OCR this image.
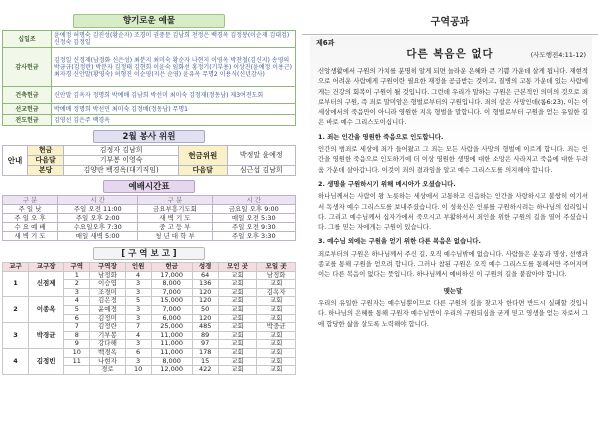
향기로운 예물
십일조	윤예정 허명숙 김진성(황순자) 조경미 권중문 김남희 천정은 백경옥 김정봉(이순재 김대검) 신정숙 김정일
감사헌금	김정일 신정재(남정화 신은성) 최분지 최미숙 황순자 나현지 이영옥 박찬철(김신지) 송영의 박금규(김정란) 박분자 김정태 김현희 이윤숙 임화선 홍정기(기부용) 이상진(윤예정 이용근) 최자경 신안말(황영숙) 허형진 이순영(지은 순영) 윤유옥 무명2 이용식(신년감사)
건축헌금	신안말 김옥자 정명희 박예배 김남희 박선미 최미숙 김정재(정동남) 제3여전도회
선교헌금	박예배 정명희 박선민 최미숙 김정배(정동남) 무명1
전도헌금	김영선 김은주 백경옥
2월 봉사 위원
안내	현금	김정자 김남희	헌금위원	박정말 윤예정
	다음달	기부봉 이영숙		
	본당	김양란 백경옥(대기직임)	다음달	심근섭 김남희
예배시간표
구 분	시 간	구 분	시 간
주 일 낮	주일 오전 11:00	금요부흥기도회	금요일 오후 9:00
주 일 오 후	주일 오후 2:00	새 벽 기 도	매일 오전 5:30
수 요 예 배	수요일오후 7:30	중 고 등 부	주일 오전 9:30
새 벽 기 도	매일 새벽 5:00	청 년 대 학 부	주일 오후 3:30
[ 구 역 보 고 ]
교구	교구장	구역	구역장	인원	헌금	성경	모인 곳	모일 곳
1	신점제	1	남정화	4	17,000	64	교회	남정화
		2	이승엽	3	8,000	136	교회	교회
		3	조경미	3	7,000	120	교회	김옥자
2	이종옥	4	김은정	5	15,000	120	교회	교회
		5	윤예정	3	7,000	50	교회	교회
		6	김정미	3	6,000	120	교회	교회
3	박경균	7	김정란	7	25,000	485	교회	박중균
		8	기부봉	4	11,000	89	교회	교회
		9	강다해	3	11,000	97	교회	교회
4	김정빈	10	백경옥	6	11,000	178	교회	교회
		11	나현자	3	8,000	15	교회	교회
			경로	10	12,000	422	교회	교회
구역공과
제6과
다른 복음은 없다	(사도행전4:11-12)

신앙생활에서 구원의 가치를 분명히 알게 되면 놀라운 은혜와 큰 기쁨 가운데 살게 됩니다. 재현적으로 어려운 사람에게 구원이란 필요한 재정을 공급받는 것이고, 질병의 고통 가운데 있는 사람에게는 건강의 회복이 구원이 될 것입니다. 그런데 우리가 말하는 구원은 근본적인 의미의 것으로 죄로부터의 구원, 즉 죄로 말미암은 형벌로부터의 구원입니다. 죄의 삯은 사망인데(롬6:23), 이는 이 세상에서의 죽음만이 아니라 영원한 지옥 형벌을 말합니다. 이 형벌로부터 구원을 얻는 유일한 길은 바로 예수 그리스도이십니다.

1. 죄는 인간을 영원한 죽음으로 인도합니다.

인간의 범죄로 세상에 죄가 들어왔고 그 죄는 모든 사람을 사망의 형벌에 이르게 합니다. 죄는 인간을 영원한 죽음으로 인도하기에 더 이상 영원한 생명에 대한 소망은 사라지고 죽음에 대한 두려움 가운데 살아갑니다. 이것이 죄의 결과임을 알고 예수 그리스도를 의지해야 합니다.

2. 생명을 구원하시기 위해 메시아가 오셨습니다.

하나님께서는 사람이 왕 노릇하는 세상에서 고통하고 신음하는 인간을 사랑하시고 불쌍히 여기셔서 독생자 예수 그리스도를 보내주셨습니다. 이 성육신은 인류를 구원하시려는 하나님의 섭리입니다. 그리고 예수님께서 십자가에서 죽으시고 부활하셔서 죄인을 위한 구원의 길을 열어 주셨습니다. 그를 믿는 자에게는 구원이 있습니다.

3. 예수님 외에는 구원을 얻기 위한 다른 복음은 없습니다.

죄로부터의 구원은 하나님께서 주신 길, 오직 예수님밖에 없습니다. 사람들은 운동과 명상, 선행과 종교를 통해 구원을 얻으려 합니다. 그러나 참된 구원은 오직 예수 그리스도를 통해서만 주어지며 이는 다른 복음이 없다는 뜻입니다. 하나님께서 예비하신 이 구원의 길을 붙잡아야 합니다.

맺는말

우리의 유일한 구원자는 예수님뿐이므로 다른 구원의 길을 찾고자 한다면 반드시 실패할 것입니다. 하나님의 은혜를 통해 구원자 예수님만이 우리의 구원되심을 굳게 믿고 영생을 얻는 자로서 그에 합당한 삶을 살도록 노력해야 합니다.
